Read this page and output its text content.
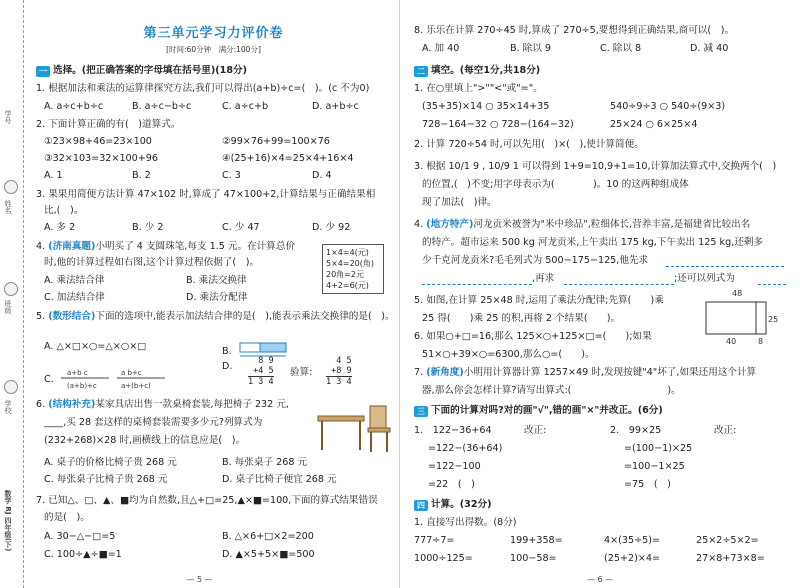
学号
姓名
班级
学校
数学 RJ 四年级(下)
第三单元学习力评价卷
[时间:60分钟　满分:100分]
一 选择。(把正确答案的字母填在括号里)(18分)
1. 根据加法和乘法的运算律探究方法,我们可以得出(a+b)÷c=(　)。(c 不为0)
A. a÷c+b÷c	B. a÷c−b÷c	C. a÷c+b	D. a+b÷c
2. 下面计算正确的有(　)道算式。
①23×98+46=23×100	②99×76+99=100×76
③32×103=32×100+96	④(25+16)×4=25×4+16×4
A. 1	B. 2	C. 3	D. 4
3. 果果用简便方法计算 47×102 时,算成了 47×100+2,计算结果与正确结果相
比,(　)。
A. 多 2	B. 少 2	C. 少 47	D. 少 92
4. (济南真题)小明买了 4 支圆珠笔,每支 1.5 元。在计算总价
时,他的计算过程如右图,这个计算过程依据了(　)。
1×4=4(元)
5×4=20(角)
20角=2元
4+2=6(元)
A. 乘法结合律	B. 乘法交换律
C. 加法结合律	D. 乘法分配律
5. (数形结合)下面的选项中,能表示加法结合律的是(　),能表示乘法交换律的是(　)。
A. △×□×○=△×○×□	B.
C.
a+b c
(a+b)+c
a b+c
a+(b+c)
D.	8 9
+4 5
1 3 4
验算:
4 5
+8 9
1 3 4
6. (结构补充)某家具店出售一款桌椅套装,每把椅子 232 元,
____,买 28 套这样的桌椅套装需要多少元?列算式为
(232+268)×28 时,画横线上的信息应是(　)。
A. 桌子的价格比椅子贵 268 元	B. 每张桌子 268 元
C. 每张桌子比椅子贵 268 元	D. 桌子比椅子便宜 268 元
7. 已知△、□、▲、■均为自然数,且△+□=25,▲×■=100,下面的算式结果错误
的是(　)。
A. 30−△−□=5	B. △×6+□×2=200
C. 100÷▲÷■=1	D. ▲×5+5×■=500
— 5 —
8. 乐乐在计算 270÷45 时,算成了 270÷5,要想得到正确结果,商可以(　)。
A. 加 40	B. 除以 9	C. 除以 8	D. 减 40
二 填空。(每空1分,共18分)
1. 在○里填上">""<"或"="。
(35+35)×14 ○ 35×14+35	540÷9÷3 ○ 540÷(9×3)
728−164−32 ○ 728−(164−32)	25×24 ○ 6×25×4
2. 计算 720÷54 时,可以先用(　)×(　),使计算简便。
3. 根据 10/1 9 , 10/9 1 可以得到 1+9=10,9+1=10,计算加法算式中,交换两个(　)
的位置,(　)不变;用字母表示为(　　　　)。10 的这两种组成体
现了加法(　)律。
4. (地方特产)河龙贡米被誉为"米中珍品",粒细体长,营养丰富,是福建省比较出名
的特产。超市运来 500 kg 河龙贡米,上午卖出 175 kg,下午卖出 125 kg,还剩多
少千克河龙贡米?毛毛列式为 500−175−125,他先求
,再求	;还可以列式为
5. 如图,在计算 25×48 时,运用了乘法分配律;先算(　　)乘
25 得(　　)乘 25 的积,再将 2 个结果(　　)。
48
25
40	8
6. 如果○+□=16,那么 125×○+125×□=(　　);如果
51×○+39×○=6300,那么○=(　　)。
7. (新角度)小明用计算器计算 1257×49 时,发现按键"4"坏了,如果还用这个计算
器,那么你会怎样计算?请写出算式:(　　　　　　　　　　)。
三 下面的计算对吗?对的画"√",错的画"×"并改正。(6分)
1.　122−36+64
=122−(36+64)
=122−100
=22　(　)
改正:	2.　99×25
=(100−1)×25
=100−1×25
=75　(　)
改正:
四 计算。(32分)
1. 直接写出得数。(8分)
777÷7=	199+358=	4×(35÷5)=	25×2÷5×2=
1000÷125=	100−58=	(25+2)×4=	27×8+73×8=
— 6 —
